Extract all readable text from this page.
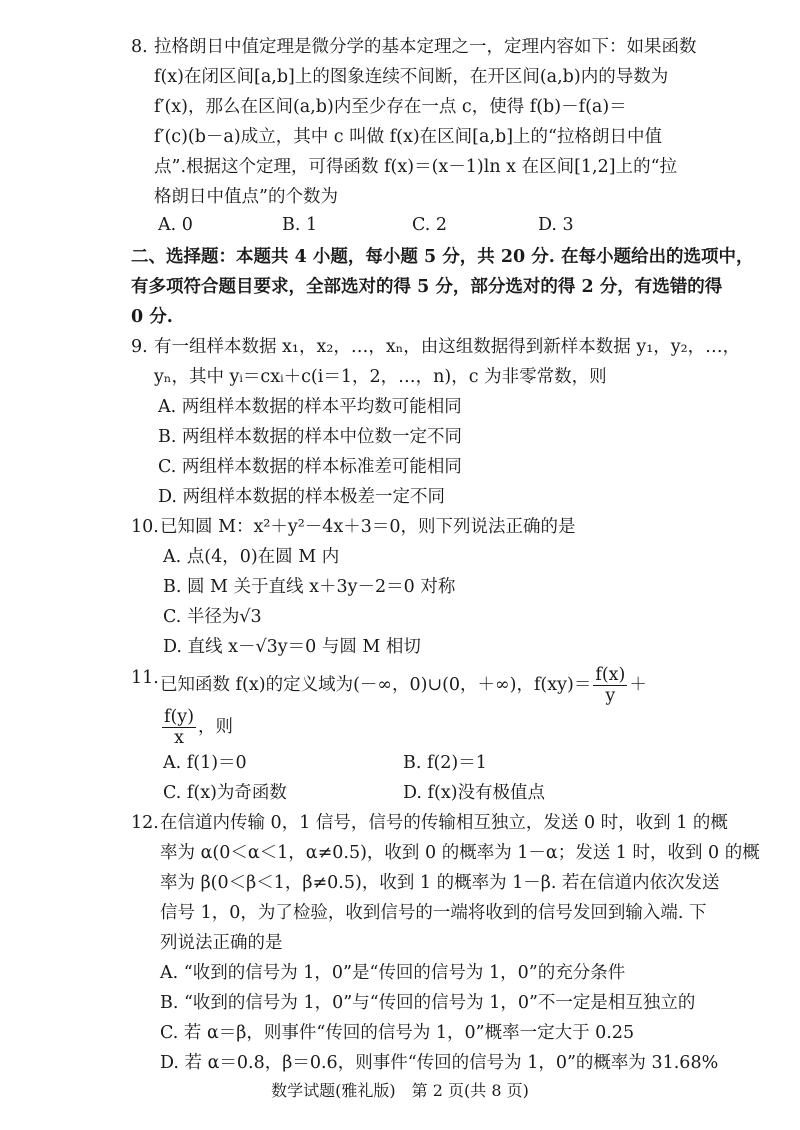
8. 拉格朗日中值定理是微分学的基本定理之一，定理内容如下：如果函数
f(x)在闭区间[a,b]上的图象连续不间断，在开区间(a,b)内的导数为
f′(x)，那么在区间(a,b)内至少存在一点 c，使得 f(b)－f(a)＝
f′(c)(b－a)成立，其中 c 叫做 f(x)在区间[a,b]上的“拉格朗日中值
点”.根据这个定理，可得函数 f(x)＝(x－1)ln x 在区间[1,2]上的“拉
格朗日中值点”的个数为
A. 0	B. 1	C. 2	D. 3
二、选择题：本题共 4 小题，每小题 5 分，共 20 分. 在每小题给出的选项中，
有多项符合题目要求，全部选对的得 5 分，部分选对的得 2 分，有选错的得
0 分.
9. 有一组样本数据 x₁，x₂，…，xₙ，由这组数据得到新样本数据 y₁，y₂，…，
yₙ，其中 yᵢ＝cxᵢ＋c(i＝1，2，…，n)，c 为非零常数，则
A. 两组样本数据的样本平均数可能相同
B. 两组样本数据的样本中位数一定不同
C. 两组样本数据的样本标准差可能相同
D. 两组样本数据的样本极差一定不同
10. 已知圆 M：x²＋y²－4x＋3＝0，则下列说法正确的是
A. 点(4，0)在圆 M 内
B. 圆 M 关于直线 x＋3y－2＝0 对称
C. 半径为√3
D. 直线 x－√3y＝0 与圆 M 相切
11. 已知函数 f(x)的定义域为(－∞，0)∪(0，＋∞)，$f(xy)= \frac{f(x)}{y}$ ＋
$\frac{f(y)}{x}$ ，则
A. f(1)＝0	B. f(2)＝1
C. f(x)为奇函数	D. f(x)没有极值点
12. 在信道内传输 0，1 信号，信号的传输相互独立，发送 0 时，收到 1 的概
率为 α(0＜α＜1，α≠0.5)，收到 0 的概率为 1－α；发送 1 时，收到 0 的概
率为 β(0＜β＜1，β≠0.5)，收到 1 的概率为 1－β. 若在信道内依次发送
信号 1，0，为了检验，收到信号的一端将收到的信号发回到输入端. 下
列说法正确的是
A. “收到的信号为 1，0”是“传回的信号为 1，0”的充分条件
B. “收到的信号为 1，0”与“传回的信号为 1，0”不一定是相互独立的
C. 若 α＝β，则事件“传回的信号为 1，0”概率一定大于 0.25
D. 若 α＝0.8，β＝0.6，则事件“传回的信号为 1，0”的概率为 31.68%
数学试题(雅礼版)　第 2 页(共 8 页)
